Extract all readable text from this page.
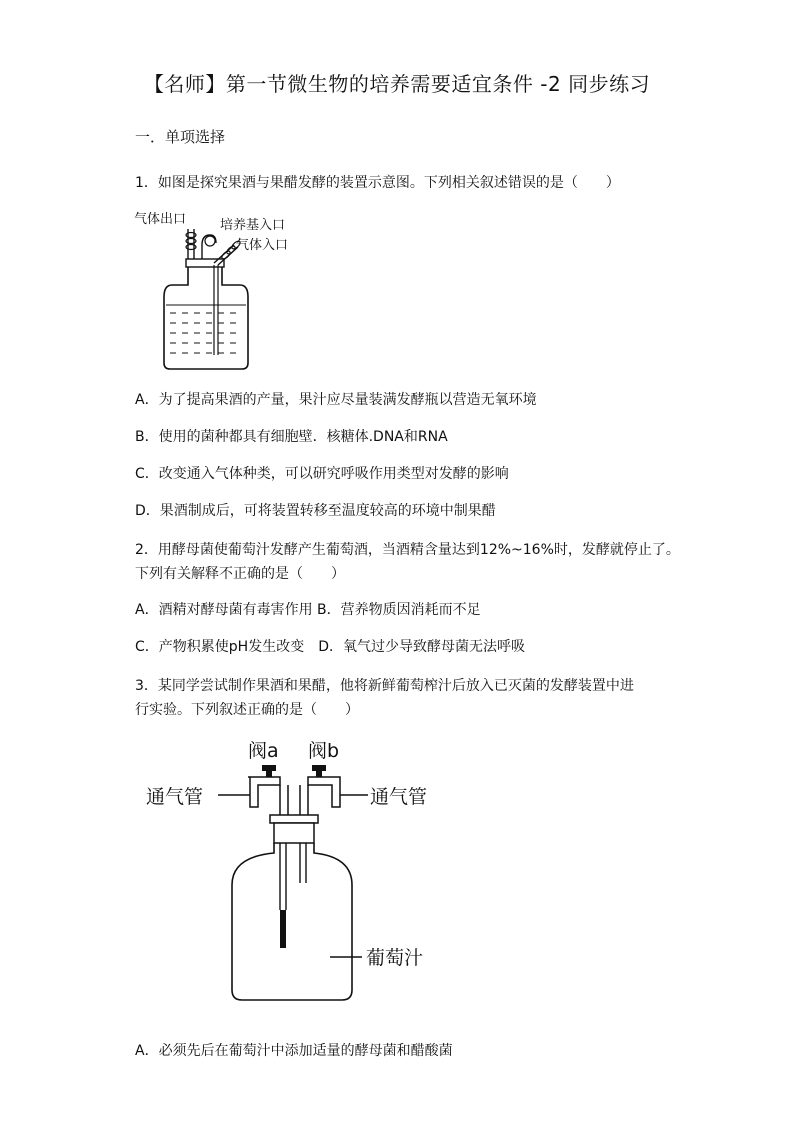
【名师】第一节微生物的培养需要适宜条件 -2 同步练习
一．单项选择
1．如图是探究果酒与果醋发酵的装置示意图。下列相关叙述错误的是（　　）
气体出口	培养基入口
气体入口
A．为了提高果酒的产量，果汁应尽量装满发酵瓶以营造无氧环境
B．使用的菌种都具有细胞壁．核糖体.DNA和RNA
C．改变通入气体种类，可以研究呼吸作用类型对发酵的影响
D．果酒制成后，可将装置转移至温度较高的环境中制果醋
2．用酵母菌使葡萄汁发酵产生葡萄酒，当酒精含量达到12%~16%时，发酵就停止了。
下列有关解释不正确的是（　　）
A．酒精对酵母菌有毒害作用 B．营养物质因消耗而不足
C．产物积累使pH发生改变　D．氧气过少导致酵母菌无法呼吸
3．某同学尝试制作果酒和果醋，他将新鲜葡萄榨汁后放入已灭菌的发酵装置中进
行实验。下列叙述正确的是（　　）
阀a 阀b
通气管	通气管
葡萄汁
A．必须先后在葡萄汁中添加适量的酵母菌和醋酸菌
